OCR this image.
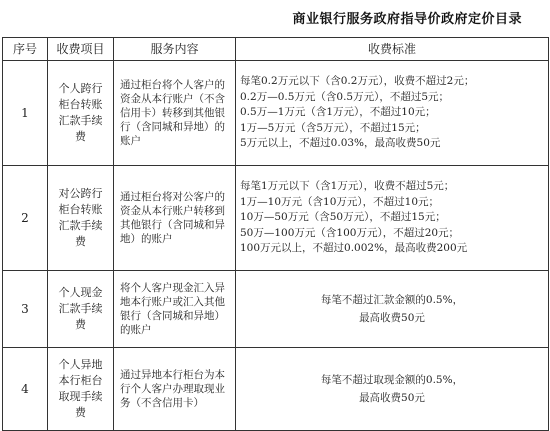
商业银行服务政府指导价政府定价目录
序号	收费项目	服务内容	收费标准
1	个人跨行柜台转账汇款手续费	通过柜台将个人客户的资金从本行账户（不含信用卡）转移到其他银行（含同城和异地）的账户	每笔0.2万元以下（含0.2万元），收费不超过2元；
0.2万—0.5万元（含0.5万元），不超过5元；
0.5万—1万元（含1万元），不超过10元；
1万—5万元（含5万元），不超过15元；
5万元以上，不超过0.03%，最高收费50元

2	对公跨行柜台转账汇款手续费	通过柜台将对公客户的资金从本行账户转移到其他银行（含同城和异地）的账户	每笔1万元以下（含1万元），收费不超过5元；
1万—10万元（含10万元），不超过10元；
10万—50万元（含50万元），不超过15元；
50万—100万元（含100万元），不超过20元；
100万元以上，不超过0.002%，最高收费200元

3	个人现金汇款手续费	将个人客户现金汇入异地本行账户或汇入其他银行（含同城和异地）的账户	每笔不超过汇款金额的0.5%，
最高收费50元

4	个人异地本行柜台取现手续费	通过异地本行柜台为本行个人客户办理取现业务（不含信用卡）	每笔不超过取现金额的0.5%，
最高收费50元
